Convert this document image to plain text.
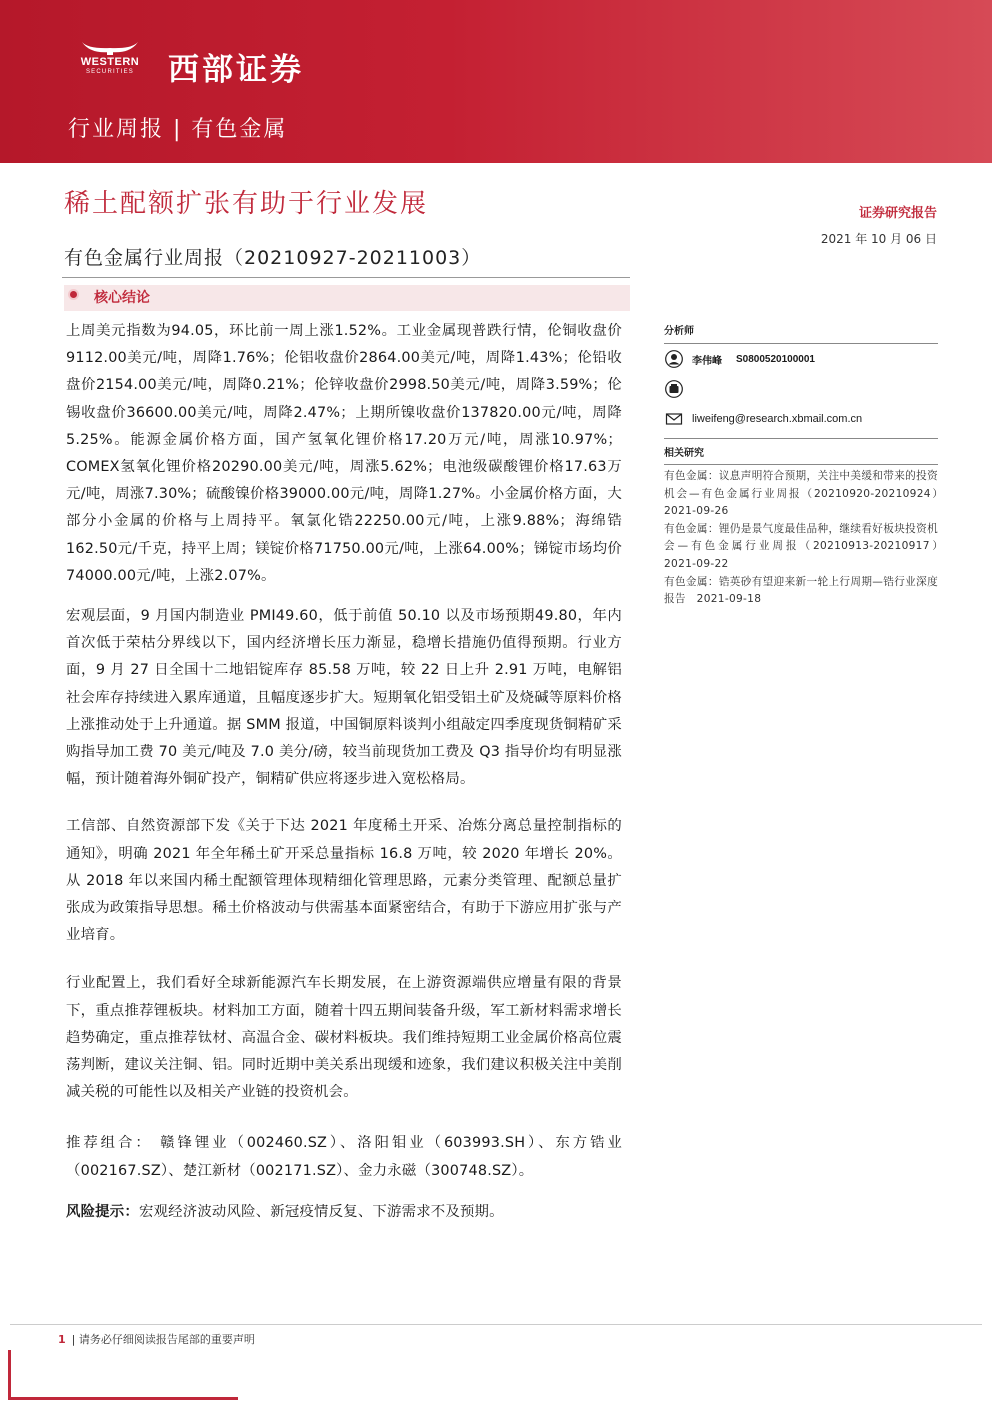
WESTERN
SECURITIES	西部证券
行业周报 | 有色金属
稀土配额扩张有助于行业发展	证券研究报告
2021 年 10 月 06 日
有色金属行业周报（20210927-20211003）
核心结论

上周美元指数为94.05，环比前一周上涨1.52%。工业金属现普跌行情，伦铜收盘价9112.00美元/吨，周降1.76%；伦铝收盘价2864.00美元/吨，周降1.43%；伦铅收盘价2154.00美元/吨，周降0.21%；伦锌收盘价2998.50美元/吨，周降3.59%；伦锡收盘价36600.00美元/吨，周降2.47%；上期所镍收盘价137820.00元/吨，周降5.25%。能源金属价格方面，国产氢氧化锂价格17.20万元/吨，周涨10.97%；COMEX氢氧化锂价格20290.00美元/吨，周涨5.62%；电池级碳酸锂价格17.63万元/吨，周涨7.30%；硫酸镍价格39000.00元/吨，周降1.27%。小金属价格方面，大部分小金属的价格与上周持平。氧氯化锆22250.00元/吨，上涨9.88%；海绵锆162.50元/千克，持平上周；镁锭价格71750.00元/吨，上涨64.00%；锑锭市场均价74000.00元/吨，上涨2.07%。

宏观层面，9 月国内制造业 PMI49.60，低于前值 50.10 以及市场预期49.80，年内首次低于荣枯分界线以下，国内经济增长压力渐显，稳增长措施仍值得预期。行业方面，9 月 27 日全国十二地铝锭库存 85.58 万吨，较 22 日上升 2.91 万吨，电解铝社会库存持续进入累库通道，且幅度逐步扩大。短期氧化铝受铝土矿及烧碱等原料价格上涨推动处于上升通道。据 SMM 报道，中国铜原料谈判小组敲定四季度现货铜精矿采购指导加工费 70 美元/吨及 7.0 美分/磅，较当前现货加工费及 Q3 指导价均有明显涨幅，预计随着海外铜矿投产，铜精矿供应将逐步进入宽松格局。

工信部、自然资源部下发《关于下达 2021 年度稀土开采、冶炼分离总量控制指标的通知》，明确 2021 年全年稀土矿开采总量指标 16.8 万吨，较 2020 年增长 20%。从 2018 年以来国内稀土配额管理体现精细化管理思路，元素分类管理、配额总量扩张成为政策指导思想。稀土价格波动与供需基本面紧密结合，有助于下游应用扩张与产业培育。

行业配置上，我们看好全球新能源汽车长期发展，在上游资源端供应增量有限的背景下，重点推荐锂板块。材料加工方面，随着十四五期间装备升级，军工新材料需求增长趋势确定，重点推荐钛材、高温合金、碳材料板块。我们维持短期工业金属价格高位震荡判断，建议关注铜、铝。同时近期中美关系出现缓和迹象，我们建议积极关注中美削减关税的可能性以及相关产业链的投资机会。

推荐组合： 赣锋锂业（002460.SZ）、洛阳钼业（603993.SH）、东方锆业（002167.SZ）、楚江新材（002171.SZ）、金力永磁（300748.SZ）。

风险提示：宏观经济波动风险、新冠疫情反复、下游需求不及预期。

分析师
李伟峰 S0800520100001
liweifeng@research.xbmail.com.cn
相关研究
有色金属：议息声明符合预期，关注中美缓和带来的投资机会—有色金属行业周报（20210920-20210924）　2021-09-26
有色金属：锂仍是景气度最佳品种，继续看好板块投资机会—有色金属行业周报（20210913-20210917）　2021-09-22
有色金属：锆英砂有望迎来新一轮上行周期—锆行业深度报告　2021-09-18
1 | 请务必仔细阅读报告尾部的重要声明
